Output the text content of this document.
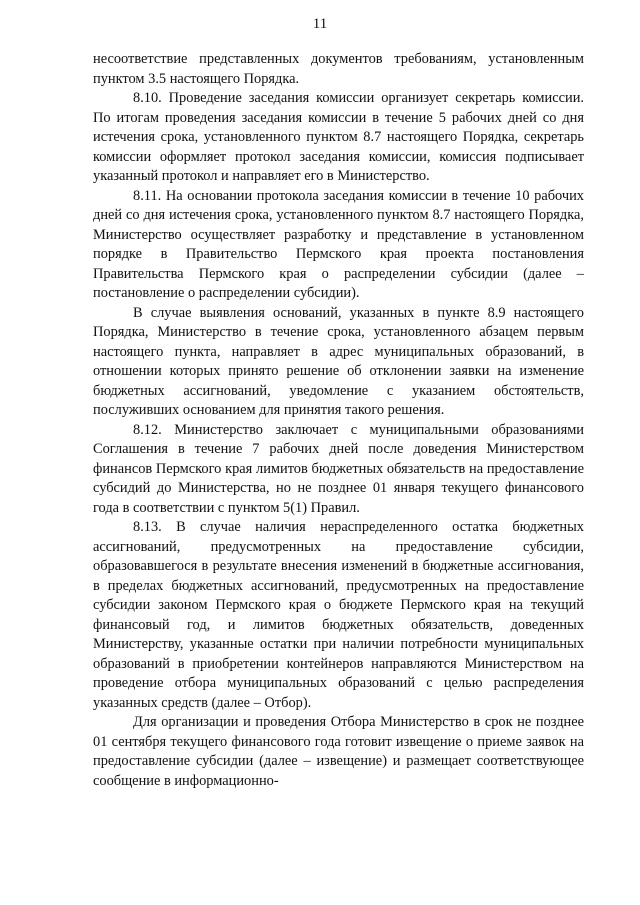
11

несоответствие представленных документов требованиям, установленным пунктом 3.5 настоящего Порядка.

8.10. Проведение заседания комиссии организует секретарь комиссии. По итогам проведения заседания комиссии в течение 5 рабочих дней со дня истечения срока, установленного пунктом 8.7 настоящего Порядка, секретарь комиссии оформляет протокол заседания комиссии, комиссия подписывает указанный протокол и направляет его в Министерство.

8.11. На основании протокола заседания комиссии в течение 10 рабочих дней со дня истечения срока, установленного пунктом 8.7 настоящего Порядка, Министерство осуществляет разработку и представление в установленном порядке в Правительство Пермского края проекта постановления Правительства Пермского края о распределении субсидии (далее – постановление о распределении субсидии).

В случае выявления оснований, указанных в пункте 8.9 настоящего Порядка, Министерство в течение срока, установленного абзацем первым настоящего пункта, направляет в адрес муниципальных образований, в отношении которых принято решение об отклонении заявки на изменение бюджетных ассигнований, уведомление с указанием обстоятельств, послуживших основанием для принятия такого решения.

8.12. Министерство заключает с муниципальными образованиями Соглашения в течение 7 рабочих дней после доведения Министерством финансов Пермского края лимитов бюджетных обязательств на предоставление субсидий до Министерства, но не позднее 01 января текущего финансового года в соответствии с пунктом 5(1) Правил.

8.13. В случае наличия нераспределенного остатка бюджетных ассигнований, предусмотренных на предоставление субсидии, образовавшегося в результате внесения изменений в бюджетные ассигнования, в пределах бюджетных ассигнований, предусмотренных на предоставление субсидии законом Пермского края о бюджете Пермского края на текущий финансовый год, и лимитов бюджетных обязательств, доведенных Министерству, указанные остатки при наличии потребности муниципальных образований в приобретении контейнеров направляются Министерством на проведение отбора муниципальных образований с целью распределения указанных средств (далее – Отбор).

Для организации и проведения Отбора Министерство в срок не позднее 01 сентября текущего финансового года готовит извещение о приеме заявок на предоставление субсидии (далее – извещение) и размещает соответствующее сообщение в информационно-
